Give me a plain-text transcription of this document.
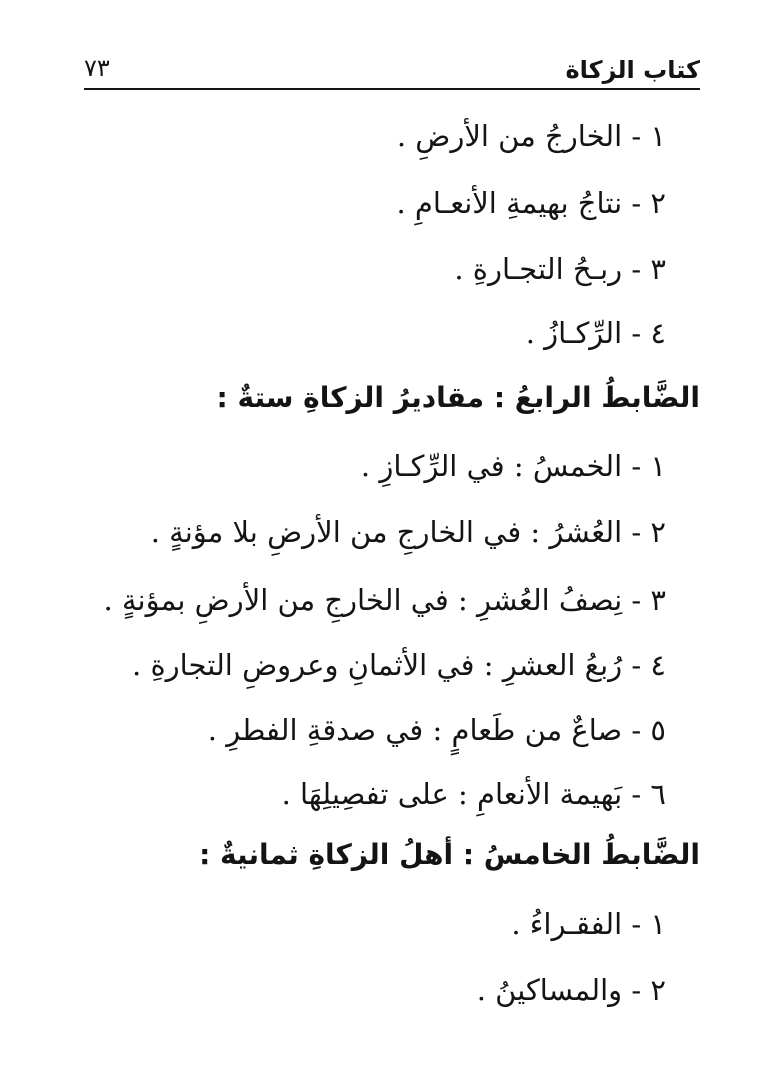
كتاب الزكاة
٧٣
١ - الخارجُ من الأرضِ .
٢ - نتاجُ بهيمةِ الأنعـامِ .
٣ - ربـحُ التجـارةِ .
٤ - الرِّكـازُ .
الضَّابطُ الرابعُ : مقاديرُ الزكاةِ ستةٌ :
١ - الخمسُ : في الرِّكـازِ .
٢ - العُشرُ : في الخارجِ من الأرضِ بلا مؤنةٍ .
٣ - نِصفُ العُشرِ : في الخارجِ من الأرضِ بمؤنةٍ .
٤ - رُبعُ العشرِ : في الأثمانِ وعروضِ التجارةِ .
٥ - صاعٌ من طَعامٍ : في صدقةِ الفطرِ .
٦ - بَهيمة الأنعامِ : على تفصِيلِهَا .
الضَّابطُ الخامسُ : أهلُ الزكاةِ ثمانيةٌ :
١ - الفقـراءُ .
٢ - والمساكينُ .
